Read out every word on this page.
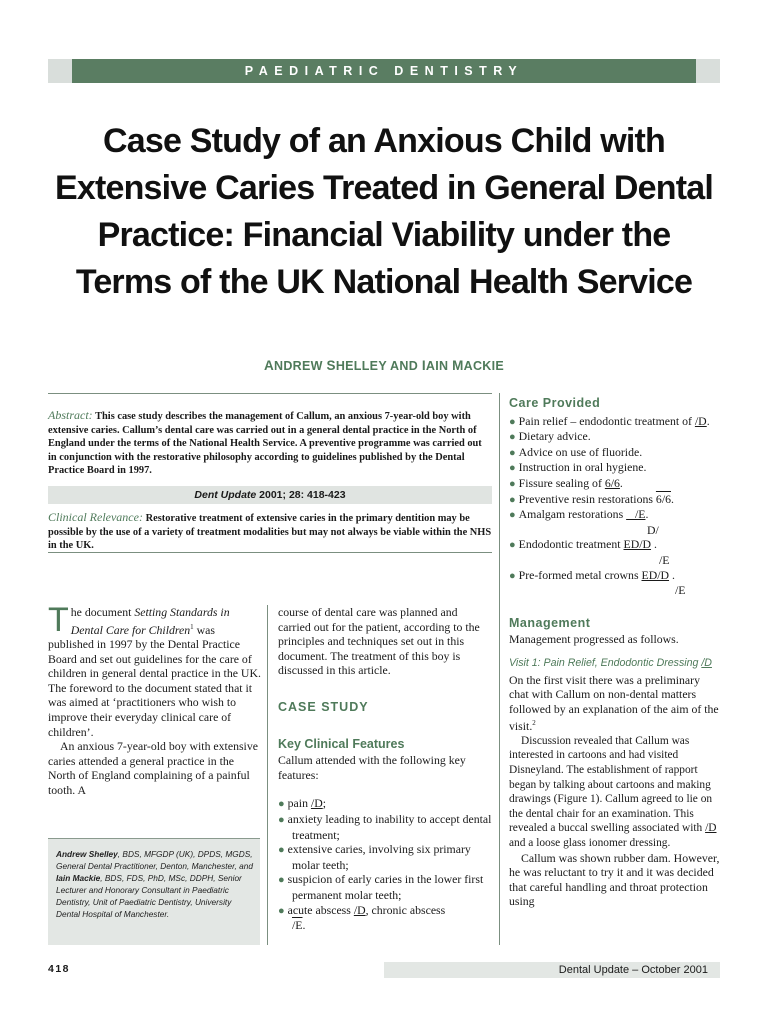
PAEDIATRIC DENTISTRY
Case Study of an Anxious Child with Extensive Caries Treated in General Dental Practice: Financial Viability under the Terms of the UK National Health Service
ANDREW SHELLEY AND IAIN MACKIE
Abstract: This case study describes the management of Callum, an anxious 7-year-old boy with extensive caries. Callum’s dental care was carried out in a general dental practice in the North of England under the terms of the National Health Service. A preventive programme was carried out in conjunction with the restorative philosophy according to guidelines published by the Dental Practice Board in 1997.
Dent Update 2001; 28: 418-423
Clinical Relevance: Restorative treatment of extensive caries in the primary dentition may be possible by the use of a variety of treatment modalities but may not always be viable within the NHS in the UK.

The document Setting Standards in Dental Care for Children$^1$ was published in 1997 by the Dental Practice Board and set out guidelines for the care of children in general dental practice in the UK. The foreword to the document stated that it was aimed at ‘practitioners who wish to improve their everyday clinical care of children’.

An anxious 7-year-old boy with extensive caries attended a general practice in the North of England complaining of a painful tooth. A

Andrew Shelley, BDS, MFGDP (UK), DPDS, MGDS, General Dental Practitioner, Denton, Manchester, and Iain Mackie, BDS, FDS, PhD, MSc, DDPH, Senior Lecturer and Honorary Consultant in Paediatric Dentistry, Unit of Paediatric Dentistry, University Dental Hospital of Manchester.

course of dental care was planned and carried out for the patient, according to the principles and techniques set out in this document. The treatment of this boy is discussed in this article.

CASE STUDY
Key Clinical Features

Callum attended with the following key features:

● pain /D;
● anxiety leading to inability to accept dental treatment;
● extensive caries, involving six primary molar teeth;
● suspicion of early caries in the lower first permanent molar teeth;
● acute abscess /D, chronic abscess
/E.
Care Provided
● Pain relief – endodontic treatment of /D.
● Dietary advice.
● Advice on use of fluoride.
● Instruction in oral hygiene.
● Fissure sealing of 6/6.
● Preventive resin restorations 6/6.
● Amalgam restorations    /E.
D/
● Endodontic treatment ED/D .
/E
● Pre-formed metal crowns ED/D .
/E
Management

Management progressed as follows.

Visit 1: Pain Relief, Endodontic Dressing /D

On the first visit there was a preliminary chat with Callum on non-dental matters followed by an explanation of the aim of the visit.$^2$

Discussion revealed that Callum was interested in cartoons and had visited Disneyland. The establishment of rapport began by talking about cartoons and making drawings (Figure 1). Callum agreed to lie on the dental chair for an examination. This revealed a buccal swelling associated with /D and a loose glass ionomer dressing.

Callum was shown rubber dam. However, he was reluctant to try it and it was decided that careful handling and throat protection using

418	Dental Update – October 2001
